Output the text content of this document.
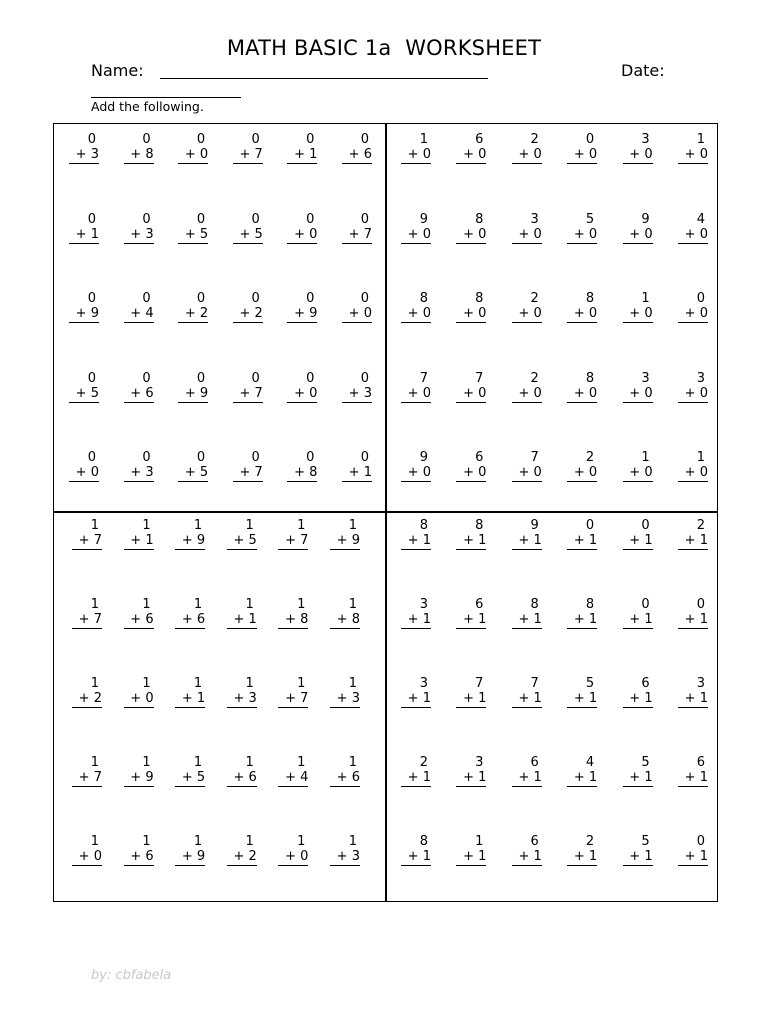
MATH BASIC 1a  WORKSHEET
Name:	Date:
Add the following.
0
+ 3
0
+ 8
0
+ 0
0
+ 7
0
+ 1
0
+ 6
0
+ 1
0
+ 3
0
+ 5
0
+ 5
0
+ 0
0
+ 7
0
+ 9
0
+ 4
0
+ 2
0
+ 2
0
+ 9
0
+ 0
0
+ 5
0
+ 6
0
+ 9
0
+ 7
0
+ 0
0
+ 3
0
+ 0
0
+ 3
0
+ 5
0
+ 7
0
+ 8
0
+ 1
1
+ 0
6
+ 0
2
+ 0
0
+ 0
3
+ 0
1
+ 0
9
+ 0
8
+ 0
3
+ 0
5
+ 0
9
+ 0
4
+ 0
8
+ 0
8
+ 0
2
+ 0
8
+ 0
1
+ 0
0
+ 0
7
+ 0
7
+ 0
2
+ 0
8
+ 0
3
+ 0
3
+ 0
9
+ 0
6
+ 0
7
+ 0
2
+ 0
1
+ 0
1
+ 0
1
+ 7
1
+ 1
1
+ 9
1
+ 5
1
+ 7
1
+ 9
1
+ 7
1
+ 6
1
+ 6
1
+ 1
1
+ 8
1
+ 8
1
+ 2
1
+ 0
1
+ 1
1
+ 3
1
+ 7
1
+ 3
1
+ 7
1
+ 9
1
+ 5
1
+ 6
1
+ 4
1
+ 6
1
+ 0
1
+ 6
1
+ 9
1
+ 2
1
+ 0
1
+ 3
8
+ 1
8
+ 1
9
+ 1
0
+ 1
0
+ 1
2
+ 1
3
+ 1
6
+ 1
8
+ 1
8
+ 1
0
+ 1
0
+ 1
3
+ 1
7
+ 1
7
+ 1
5
+ 1
6
+ 1
3
+ 1
2
+ 1
3
+ 1
6
+ 1
4
+ 1
5
+ 1
6
+ 1
8
+ 1
1
+ 1
6
+ 1
2
+ 1
5
+ 1
0
+ 1
by: cbfabela
